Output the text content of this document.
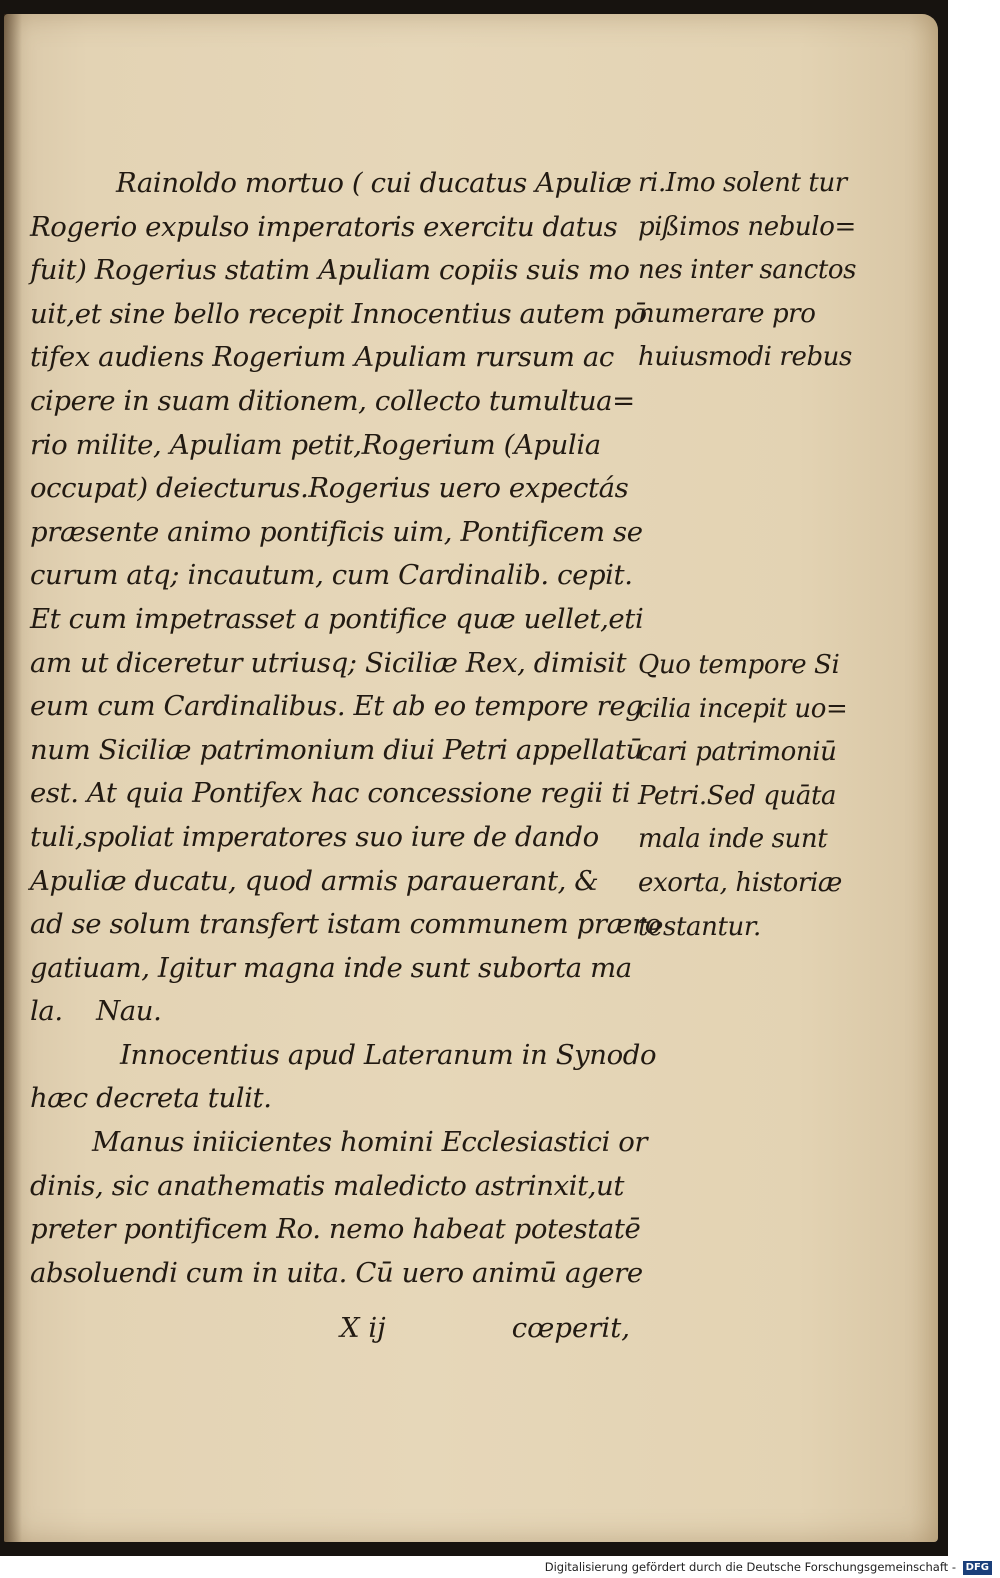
Rainoldo mortuo ( cui ducatus Apuliæ
Rogerio expulso imperatoris exercitu datus
fuit) Rogerius statim Apuliam copiis suis mo
uit,et sine bello recepit Innocentius autem pō
tifex audiens Rogerium Apuliam rursum ac
cipere in suam ditionem, collecto tumultua=
rio milite, Apuliam petit,Rogerium (Apulia
occupat) deiecturus.Rogerius uero expectás
præsente animo pontificis uim, Pontificem se
curum atq; incautum, cum Cardinalib. cepit.
Et cum impetrasset a pontifice quæ uellet,eti
am ut diceretur utriusq; Siciliæ Rex, dimisit
eum cum Cardinalibus. Et ab eo tempore reg
num Siciliæ patrimonium diui Petri appellatū
est. At quia Pontifex hac concessione regii ti
tuli,spoliat imperatores suo iure de dando
Apuliæ ducatu, quod armis parauerant, &
ad se solum transfert istam communem præro
gatiuam, Igitur magna inde sunt suborta ma
la.    Nau.
Innocentius apud Lateranum in Synodo
hæc decreta tulit.
Manus iniicientes homini Ecclesiastici or
dinis, sic anathematis maledicto astrinxit,ut
preter pontificem Ro. nemo habeat potestatē
absoluendi cum in uita. Cū uero animū agere
ri.Imo solent tur
pißimos nebulo=
nes inter sanctos
numerare pro
huiusmodi rebus
Quo tempore Si
cilia incepit uo=
cari patrimoniū
Petri.Sed quāta
mala inde sunt
exorta, historiæ
testantur.
X ij	cœperit,
Digitalisierung gefördert durch die Deutsche Forschungsgemeinschaft - DFG
